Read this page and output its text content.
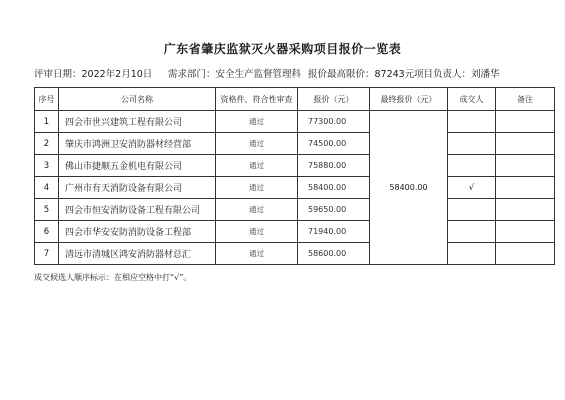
广东省肇庆监狱灭火器采购项目报价一览表
评审日期：2022年2月10日 需求部门：安全生产监督管理科 报价最高限价：87243元 项目负责人：刘潘华
序号	公司名称	资格件、符合性审查	报价（元）	最终报价（元）	成交人	备注
1	四会市世兴建筑工程有限公司	通过	77300.00	58400.00		
2	肇庆市鸿洲卫安消防器材经营部	通过	74500.00			
3	佛山市捷顺五金机电有限公司	通过	75880.00			
4	广州市有天消防设备有限公司	通过	58400.00		√	
5	四会市恒安消防设备工程有限公司	通过	59650.00			
6	四会市华安安防消防设备工程部	通过	71940.00			
7	清远市清城区鸿安消防器材总汇	通过	58600.00			
成交候选人顺序标示：在相应空格中打“√”。
